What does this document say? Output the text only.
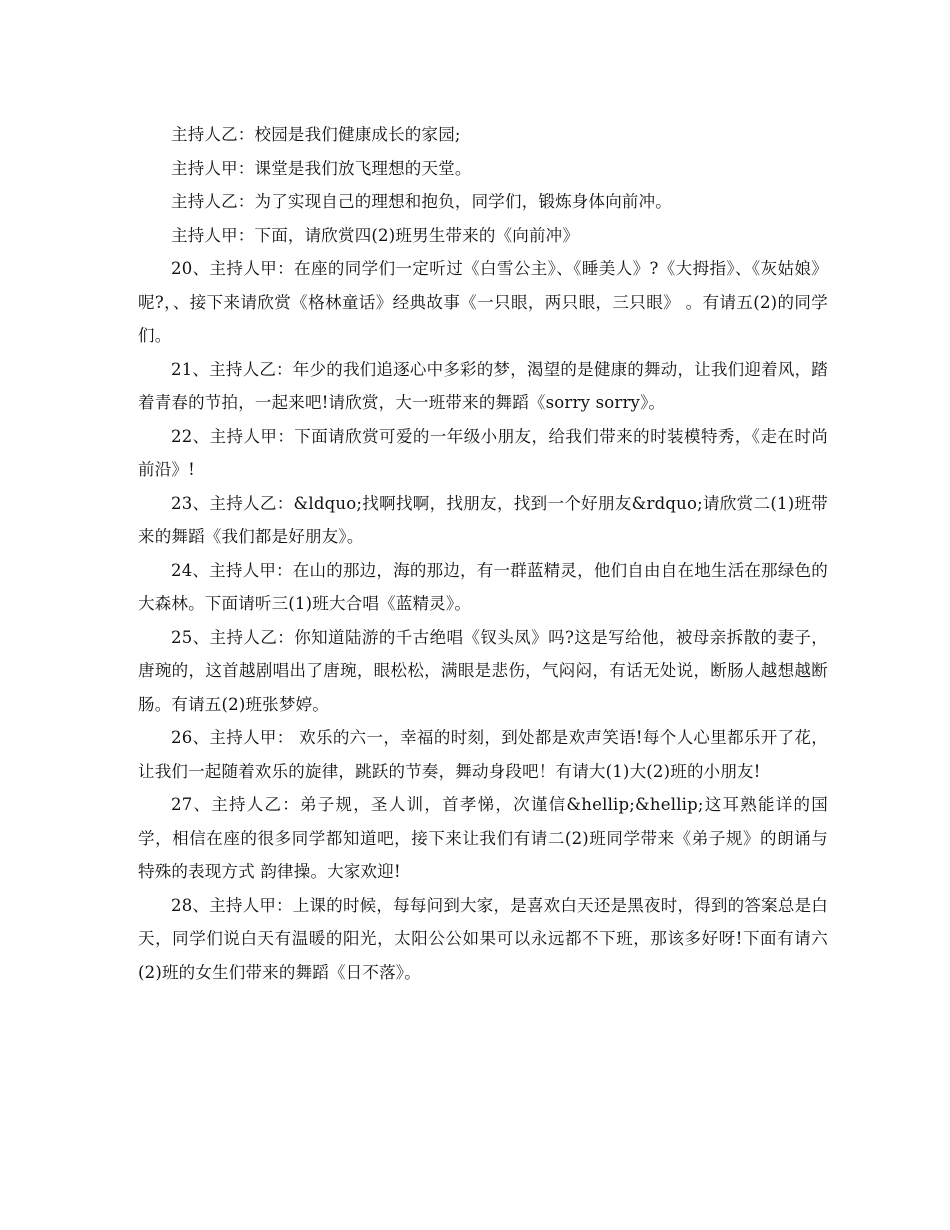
主持人乙：校园是我们健康成长的家园;

主持人甲：课堂是我们放飞理想的天堂。

主持人乙：为了实现自己的理想和抱负，同学们，锻炼身体向前冲。

主持人甲：下面，请欣赏四(2)班男生带来的《向前冲》

20、主持人甲：在座的同学们一定听过《白雪公主》、《睡美人》?《大拇指》、《灰姑娘》呢?，、接下来请欣赏《格林童话》经典故事《一只眼，两只眼，三只眼》 。有请五(2)的同学们。

21、主持人乙：年少的我们追逐心中多彩的梦，渴望的是健康的舞动，让我们迎着风，踏着青春的节拍，一起来吧!请欣赏，大一班带来的舞蹈《sorry sorry》。

22、主持人甲：下面请欣赏可爱的一年级小朋友，给我们带来的时装模特秀，《走在时尚前沿》!

23、主持人乙：&ldquo;找啊找啊，找朋友，找到一个好朋友&rdquo;请欣赏二(1)班带来的舞蹈《我们都是好朋友》。

24、主持人甲：在山的那边，海的那边，有一群蓝精灵，他们自由自在地生活在那绿色的大森林。下面请听三(1)班大合唱《蓝精灵》。

25、主持人乙：你知道陆游的千古绝唱《钗头凤》吗?这是写给他，被母亲拆散的妻子，唐琬的，这首越剧唱出了唐琬，眼松松，满眼是悲伤，气闷闷，有话无处说，断肠人越想越断肠。有请五(2)班张梦婷。

26、主持人甲： 欢乐的六一，幸福的时刻，到处都是欢声笑语!每个人心里都乐开了花，让我们一起随着欢乐的旋律，跳跃的节奏，舞动身段吧！有请大(1)大(2)班的小朋友!

27、主持人乙：弟子规，圣人训，首孝悌，次谨信&hellip;&hellip;这耳熟能详的国学，相信在座的很多同学都知道吧，接下来让我们有请二(2)班同学带来《弟子规》的朗诵与特殊的表现方式 韵律操。大家欢迎!

28、主持人甲：上课的时候，每每问到大家，是喜欢白天还是黑夜时，得到的答案总是白天，同学们说白天有温暖的阳光，太阳公公如果可以永远都不下班，那该多好呀!下面有请六(2)班的女生们带来的舞蹈《日不落》。
